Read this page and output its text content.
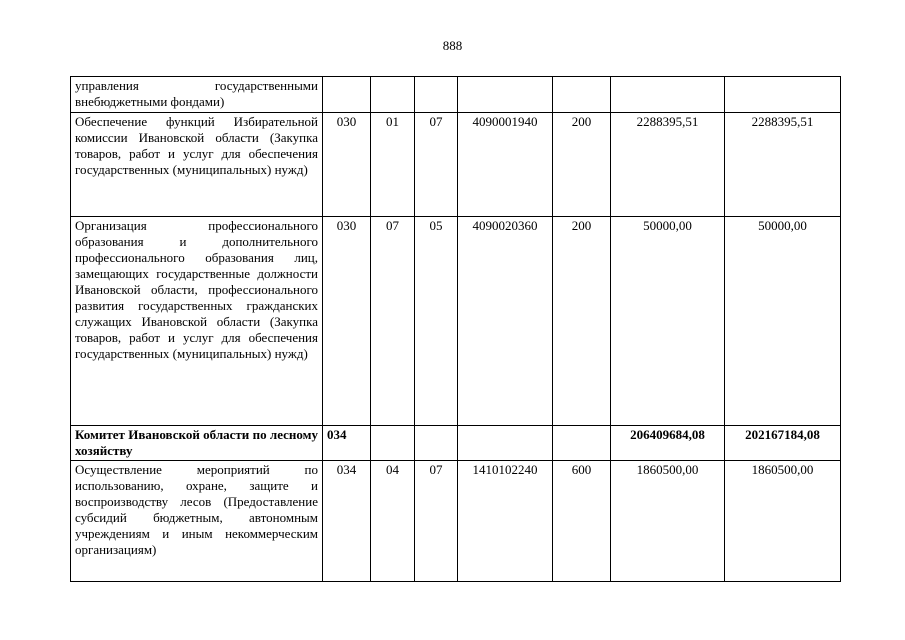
888
управления государственными внебюджетными фондами)							
Обеспечение функций Избирательной комиссии Ивановской области (Закупка товаров, работ и услуг для обеспечения государственных (муниципальных) нужд)	030	01	07	4090001940	200	2288395,51	2288395,51
Организация профессионального образования и дополнительного профессионального образования лиц, замещающих государственные должности Ивановской области, профессионального развития государственных гражданских служащих Ивановской области (Закупка товаров, работ и услуг для обеспечения государственных (муниципальных) нужд)	030	07	05	4090020360	200	50000,00	50000,00
Комитет Ивановской области по лесному хозяйству	034					206409684,08	202167184,08
Осуществление мероприятий по использованию, охране, защите и воспроизводству лесов (Предоставление субсидий бюджетным, автономным учреждениям и иным некоммерческим организациям)	034	04	07	1410102240	600	1860500,00	1860500,00
